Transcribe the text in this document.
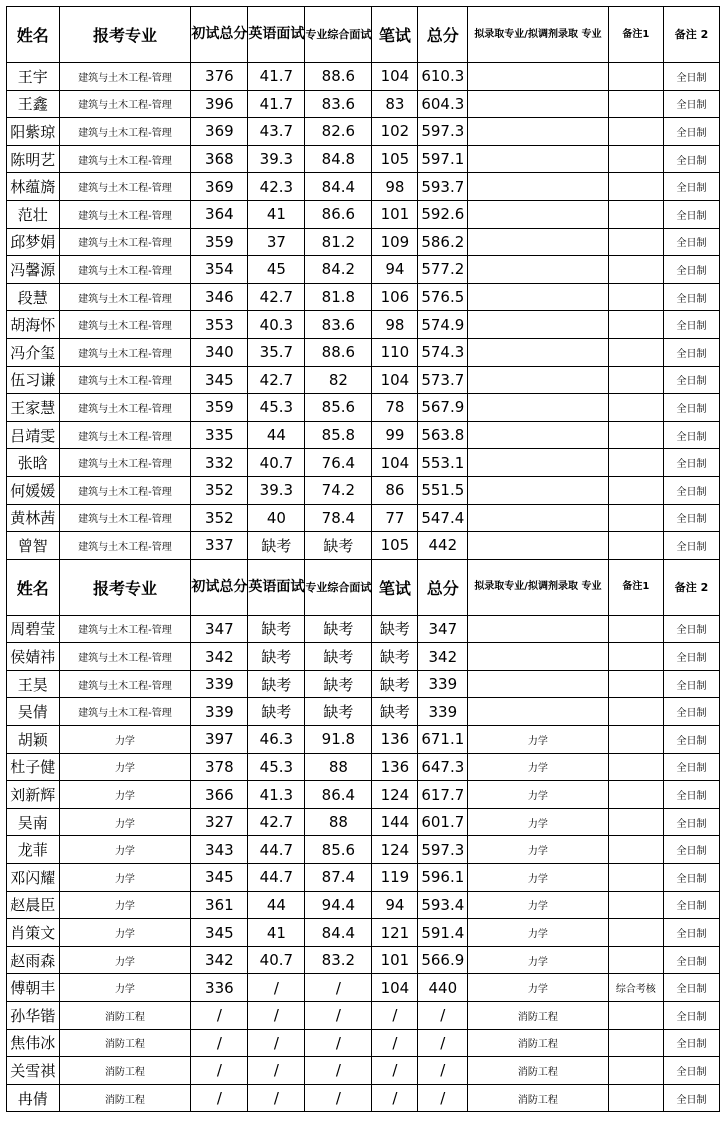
姓名	报考专业	初试总分	英语面试	专业综合面试	笔试	总分	拟录取专业/拟调剂录取 专业	备注1	备注 2
王宇	建筑与土木工程-管理	376	41.7	88.6	104	610.3			全日制
王鑫	建筑与土木工程-管理	396	41.7	83.6	83	604.3			全日制
阳紫琼	建筑与土木工程-管理	369	43.7	82.6	102	597.3			全日制
陈明艺	建筑与土木工程-管理	368	39.3	84.8	105	597.1			全日制
林蕴旖	建筑与土木工程-管理	369	42.3	84.4	98	593.7			全日制
范壮	建筑与土木工程-管理	364	41	86.6	101	592.6			全日制
邱梦娟	建筑与土木工程-管理	359	37	81.2	109	586.2			全日制
冯馨源	建筑与土木工程-管理	354	45	84.2	94	577.2			全日制
段慧	建筑与土木工程-管理	346	42.7	81.8	106	576.5			全日制
胡海怀	建筑与土木工程-管理	353	40.3	83.6	98	574.9			全日制
冯介玺	建筑与土木工程-管理	340	35.7	88.6	110	574.3			全日制
伍习谦	建筑与土木工程-管理	345	42.7	82	104	573.7			全日制
王家慧	建筑与土木工程-管理	359	45.3	85.6	78	567.9			全日制
吕靖雯	建筑与土木工程-管理	335	44	85.8	99	563.8			全日制
张晗	建筑与土木工程-管理	332	40.7	76.4	104	553.1			全日制
何媛媛	建筑与土木工程-管理	352	39.3	74.2	86	551.5			全日制
黄林茜	建筑与土木工程-管理	352	40	78.4	77	547.4			全日制
曾智	建筑与土木工程-管理	337	缺考	缺考	105	442			全日制
姓名	报考专业	初试总分	英语面试	专业综合面试	笔试	总分	拟录取专业/拟调剂录取 专业	备注1	备注 2
周碧莹	建筑与土木工程-管理	347	缺考	缺考	缺考	347			全日制
侯婧祎	建筑与土木工程-管理	342	缺考	缺考	缺考	342			全日制
王昊	建筑与土木工程-管理	339	缺考	缺考	缺考	339			全日制
吴倩	建筑与土木工程-管理	339	缺考	缺考	缺考	339			全日制
胡颖	力学	397	46.3	91.8	136	671.1	力学		全日制
杜子健	力学	378	45.3	88	136	647.3	力学		全日制
刘新辉	力学	366	41.3	86.4	124	617.7	力学		全日制
吴南	力学	327	42.7	88	144	601.7	力学		全日制
龙菲	力学	343	44.7	85.6	124	597.3	力学		全日制
邓闪耀	力学	345	44.7	87.4	119	596.1	力学		全日制
赵晨臣	力学	361	44	94.4	94	593.4	力学		全日制
肖策文	力学	345	41	84.4	121	591.4	力学		全日制
赵雨森	力学	342	40.7	83.2	101	566.9	力学		全日制
傅朝丰	力学	336	/	/	104	440	力学	综合考核	全日制
孙华锴	消防工程	/	/	/	/	/	消防工程		全日制
焦伟冰	消防工程	/	/	/	/	/	消防工程		全日制
关雪祺	消防工程	/	/	/	/	/	消防工程		全日制
冉倩	消防工程	/	/	/	/	/	消防工程		全日制
